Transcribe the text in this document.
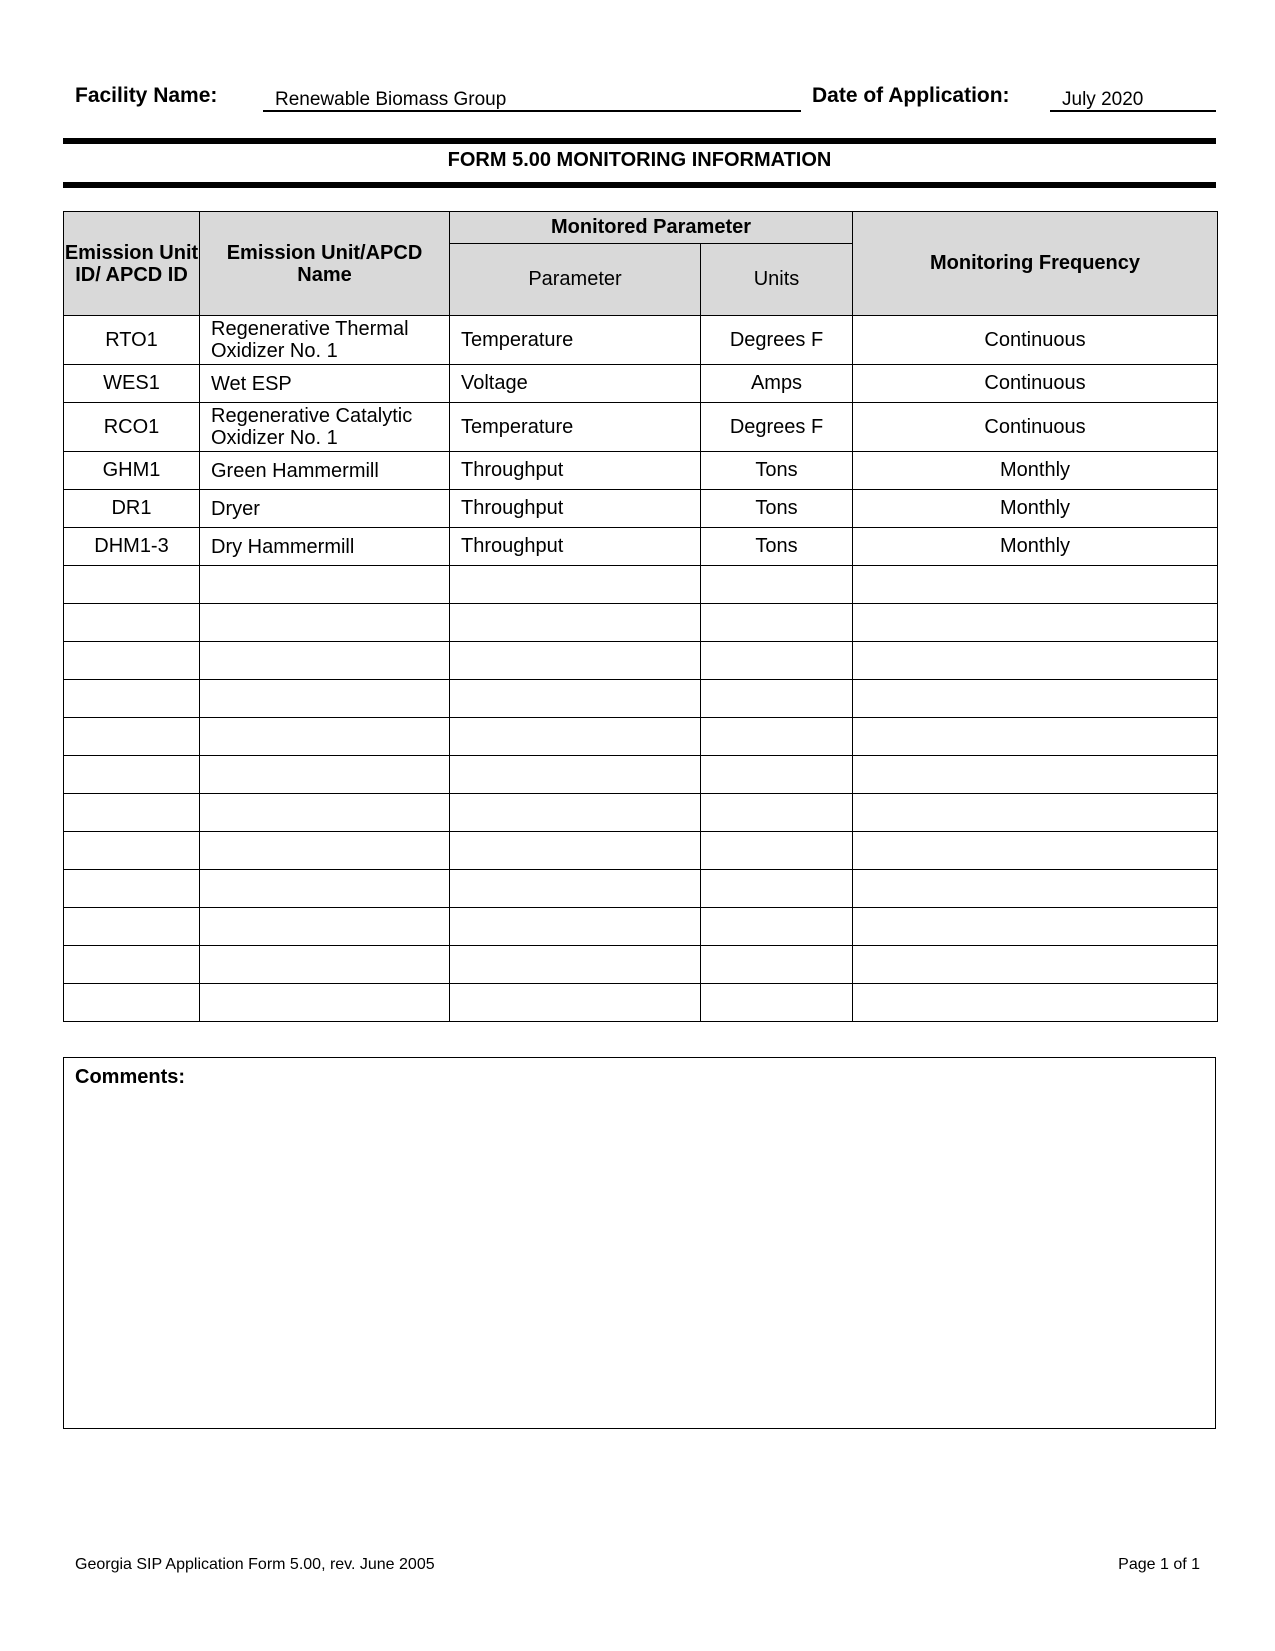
Facility Name:	Renewable Biomass Group	Date of Application:	July 2020
FORM 5.00 MONITORING INFORMATION
Emission Unit ID/ APCD ID	Emission Unit/APCD Name	Monitored Parameter		Monitoring Frequency
		Parameter	Units	
RTO1	Regenerative Thermal Oxidizer No. 1	Temperature	Degrees F	Continuous
WES1	Wet ESP	Voltage	Amps	Continuous
RCO1	Regenerative Catalytic Oxidizer No. 1	Temperature	Degrees F	Continuous
GHM1	Green Hammermill	Throughput	Tons	Monthly
DR1	Dryer	Throughput	Tons	Monthly
DHM1-3	Dry Hammermill	Throughput	Tons	Monthly

Comments:
Georgia SIP Application Form 5.00, rev. June 2005	Page 1 of 1
